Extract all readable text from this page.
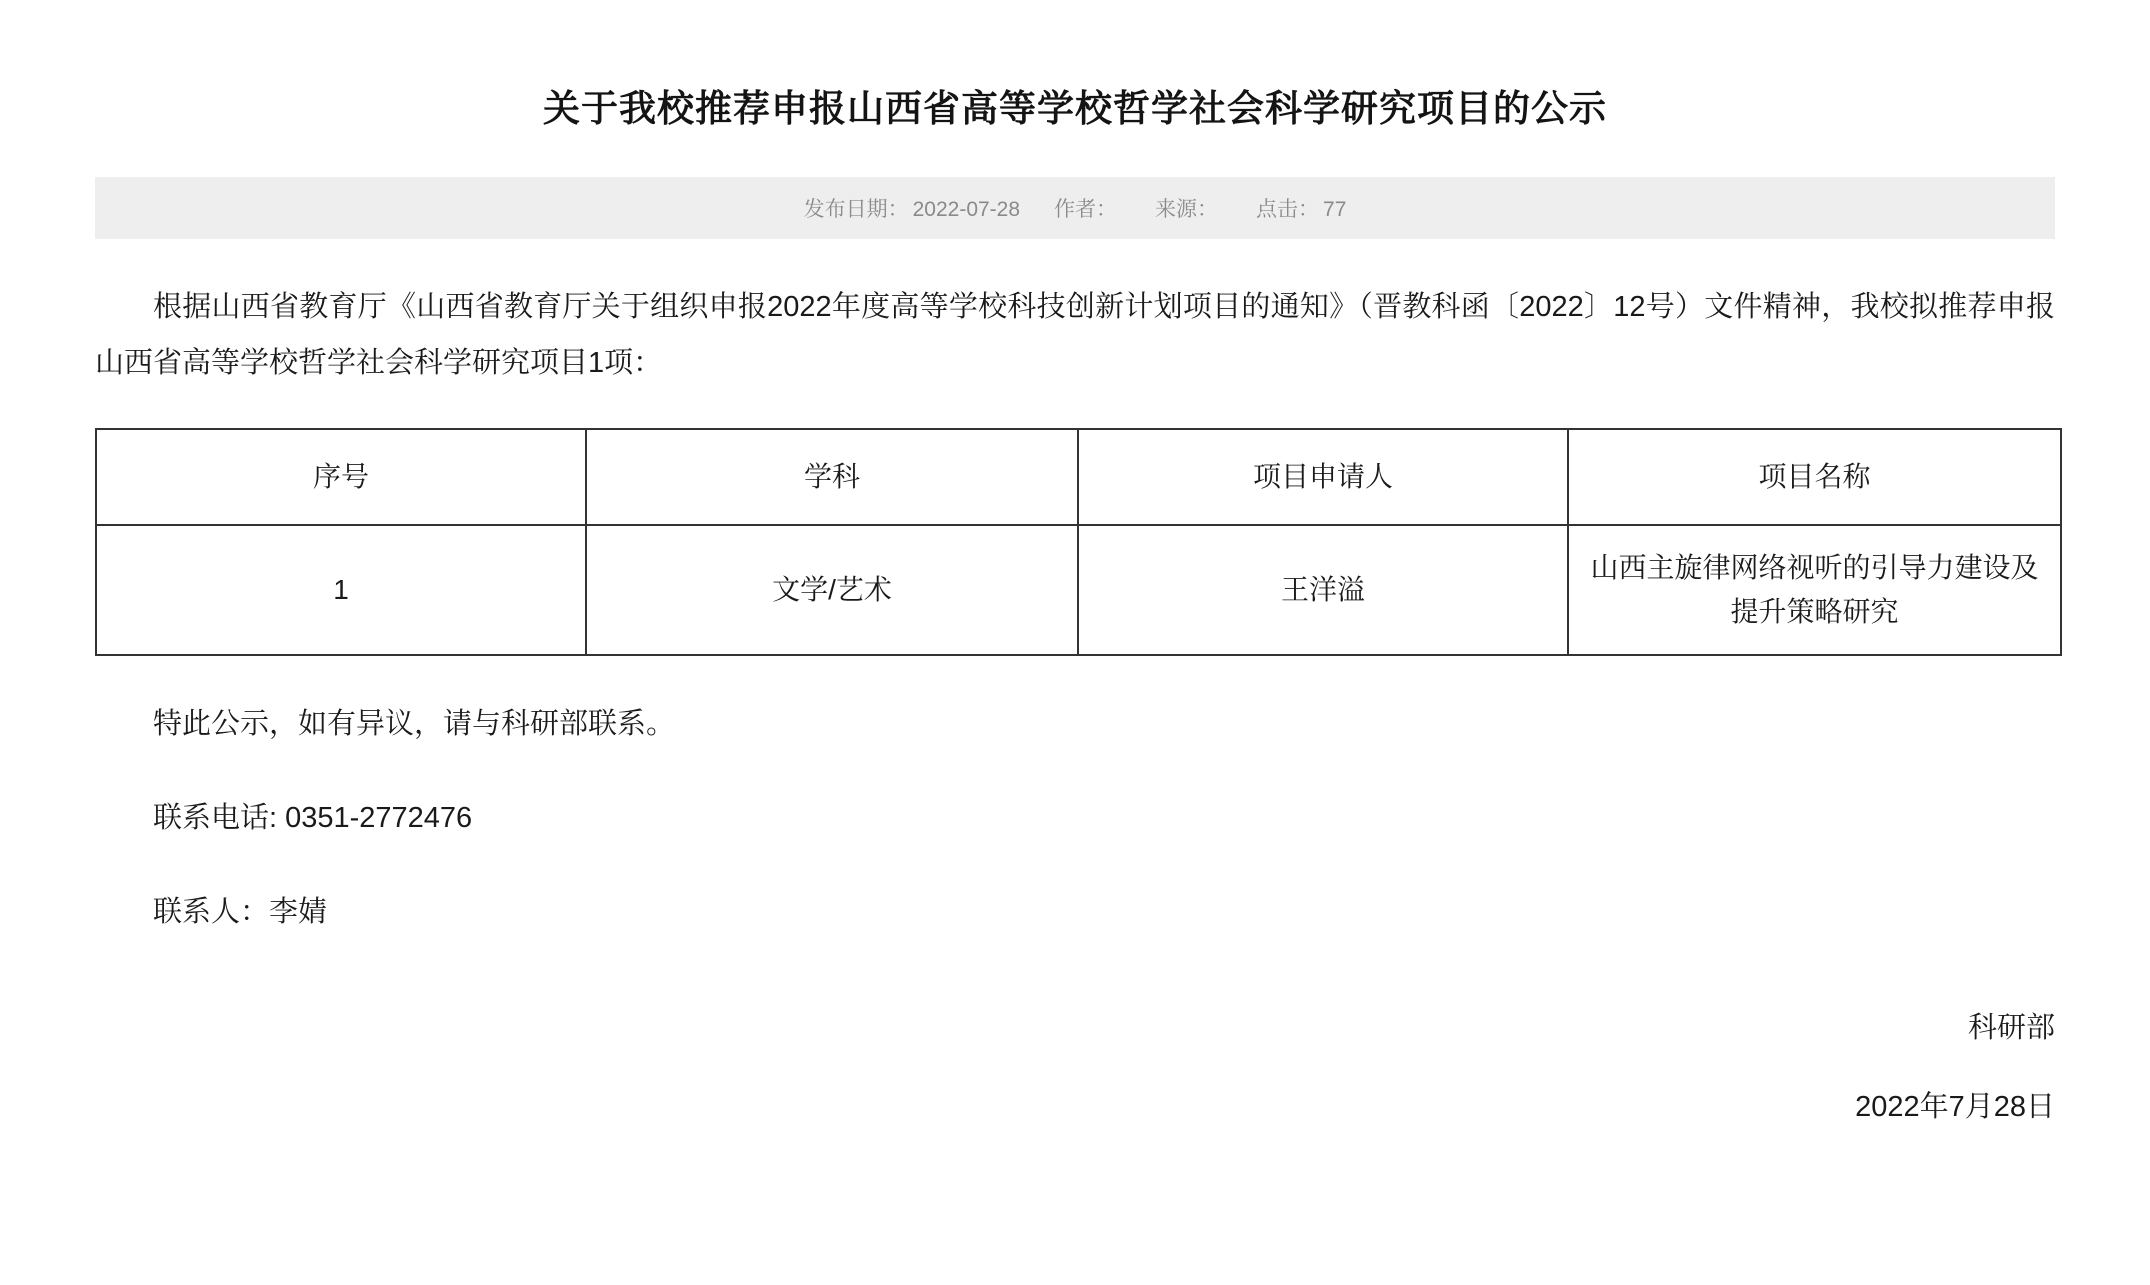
关于我校推荐申报山西省高等学校哲学社会科学研究项目的公示
发布日期： 2022-07-28	作者：	来源：	点击： 77

根据山西省教育厅《山西省教育厅关于组织申报2022年度高等学校科技创新计划项目的通知》（晋教科函〔2022〕12号）文件精神，我校拟推荐申报山西省高等学校哲学社会科学研究项目1项：

序号	学科	项目申请人	项目名称
1	文学/艺术	王洋溢	山西主旋律网络视听的引导力建设及提升策略研究

特此公示，如有异议，请与科研部联系。

联系电话: 0351-2772476

联系人：李婧

科研部
2022年7月28日
